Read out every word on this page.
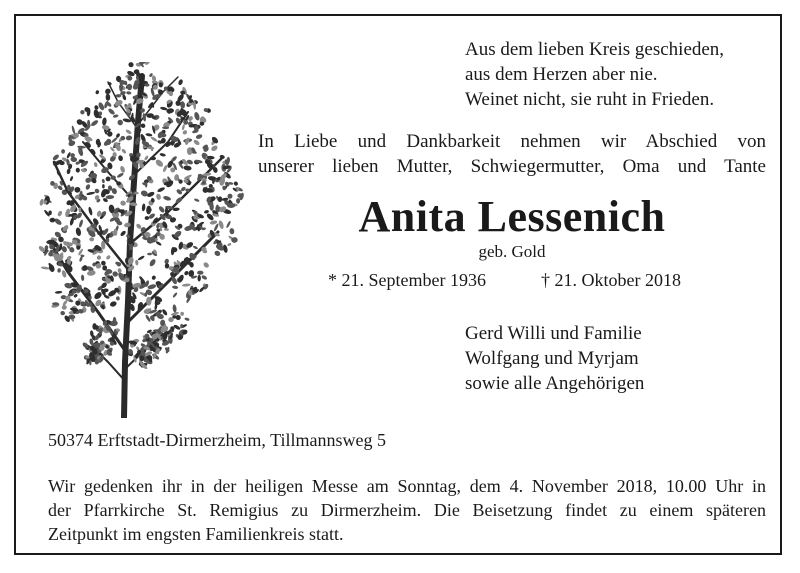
Aus dem lieben Kreis geschieden,
aus dem Herzen aber nie.
Weinet nicht, sie ruht in Frieden.
In Liebe und Dankbarkeit nehmen wir Abschied von
unserer lieben Mutter, Schwiegermutter, Oma und Tante
Anita Lessenich
geb. Gold
* 21. September 1936	† 21. Oktober 2018
Gerd Willi und Familie
Wolfgang und Myrjam
sowie alle Angehörigen
50374 Erftstadt-Dirmerzheim, Tillmannsweg 5
Wir gedenken ihr in der heiligen Messe am Sonntag, dem 4. November 2018, 10.00 Uhr in
der Pfarrkirche St. Remigius zu Dirmerzheim. Die Beisetzung findet zu einem späteren
Zeitpunkt im engsten Familienkreis statt.
